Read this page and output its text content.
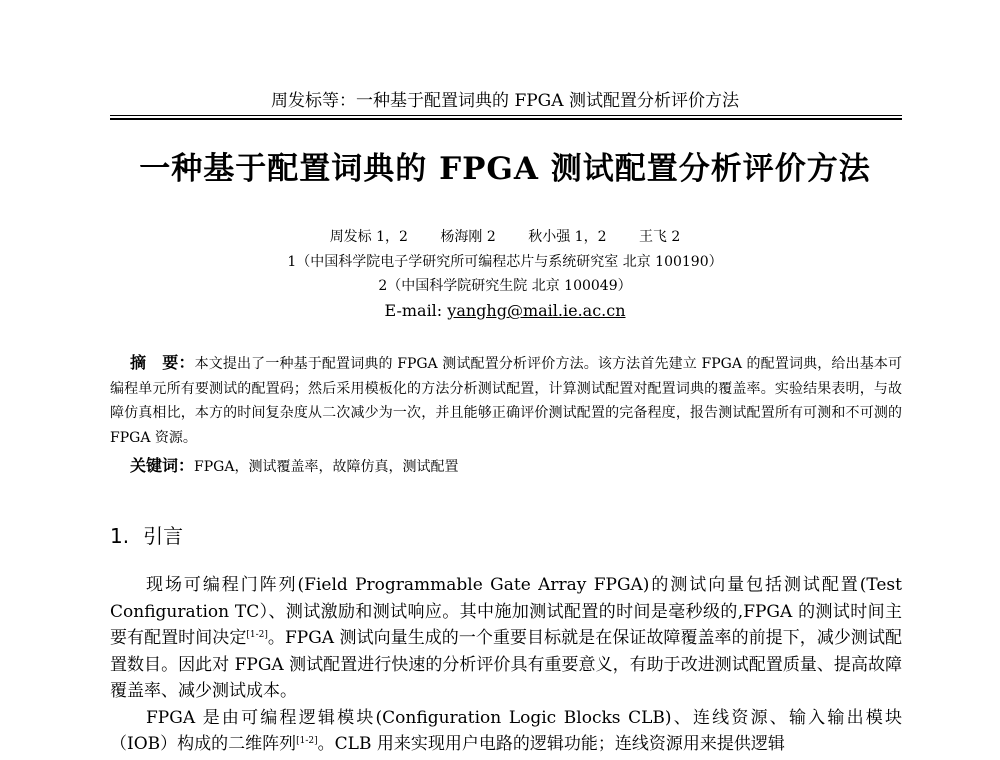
周发标等：一种基于配置词典的 FPGA 测试配置分析评价方法
一种基于配置词典的 FPGA 测试配置分析评价方法
周发标 1，2 杨海刚 2 秋小强 1，2 王飞 2
1（中国科学院电子学研究所可编程芯片与系统研究室 北京 100190）
2（中国科学院研究生院 北京 100049）
E-mail: yanghg@mail.ie.ac.cn
摘　要：本文提出了一种基于配置词典的 FPGA 测试配置分析评价方法。该方法首先建立 FPGA 的配置词典，给出基本可编程单元所有要测试的配置码；然后采用模板化的方法分析测试配置，计算测试配置对配置词典的覆盖率。实验结果表明，与故障仿真相比，本方的时间复杂度从二次减少为一次，并且能够正确评价测试配置的完备程度，报告测试配置所有可测和不可测的 FPGA 资源。
关键词：FPGA，测试覆盖率，故障仿真，测试配置
1. 引言

现场可编程门阵列(Field Programmable Gate Array FPGA)的测试向量包括测试配置(Test Configuration TC）、测试激励和测试响应。其中施加测试配置的时间是毫秒级的,FPGA 的测试时间主要有配置时间决定[1-2]。FPGA 测试向量生成的一个重要目标就是在保证故障覆盖率的前提下，减少测试配置数目。因此对 FPGA 测试配置进行快速的分析评价具有重要意义，有助于改进测试配置质量、提高故障覆盖率、减少测试成本。

FPGA 是由可编程逻辑模块(Configuration Logic Blocks CLB)、连线资源、输入输出模块（IOB）构成的二维阵列[1-2]。CLB 用来实现用户电路的逻辑功能；连线资源用来提供逻辑
